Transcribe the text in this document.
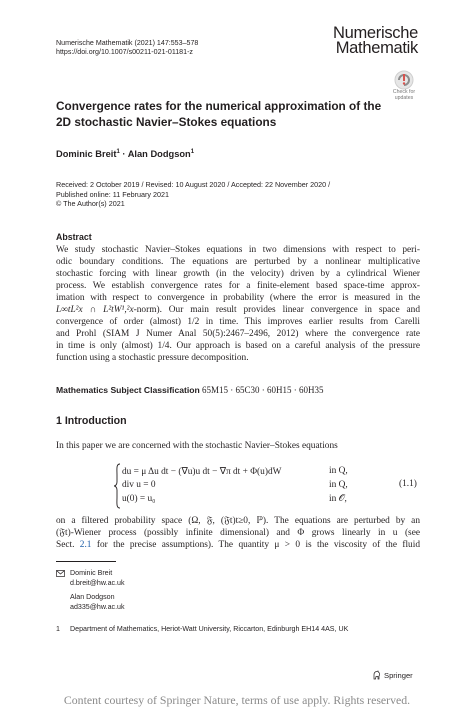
Numerische Mathematik (2021) 147:553–578
https://doi.org/10.1007/s00211-021-01181-z
Numerische
Mathematik
Check for
updates
Convergence rates for the numerical approximation of the
2D stochastic Navier–Stokes equations
Dominic Breit$^1$ · Alan Dodgson$^1$
Received: 2 October 2019 / Revised: 10 August 2020 / Accepted: 22 November 2020 /
Published online: 11 February 2021
© The Author(s) 2021
Abstract
We study stochastic Navier–Stokes equations in two dimensions with respect to peri-
odic boundary conditions. The equations are perturbed by a nonlinear multiplicative
stochastic forcing with linear growth (in the velocity) driven by a cylindrical Wiener
process. We establish convergence rates for a finite-element based space-time approx-
imation with respect to convergence in probability (where the error is measured in the
L∞tL²x ∩ L²tW¹,²x-norm). Our main result provides linear convergence in space and
convergence of order (almost) 1/2 in time. This improves earlier results from Carelli
and Prohl (SIAM J Numer Anal 50(5):2467–2496, 2012) where the convergence rate
in time is only (almost) 1/4. Our approach is based on a careful analysis of the pressure
function using a stochastic pressure decomposition.
Mathematics Subject Classification 65M15 · 65C30 · 60H15 · 60H35
1 Introduction
In this paper we are concerned with the stochastic Navier–Stokes equations
du = μ Δu dt − (∇u)u dt − ∇π dt + Φ(u)dW	in Q,
div u = 0	in Q,
u(0) = u₀	in 𝒪,
(1.1)
on a filtered probability space (Ω, 𝔉, (𝔉t)t≥0, ℙ). The equations are perturbed by an
(𝔉t)-Wiener process (possibly infinite dimensional) and Φ grows linearly in u (see
Sect. 2.1 for the precise assumptions). The quantity μ > 0 is the viscosity of the fluid
Dominic Breit
d.breit@hw.ac.uk
Alan Dodgson
ad335@hw.ac.uk
1 Department of Mathematics, Heriot-Watt University, Riccarton, Edinburgh EH14 4AS, UK
Springer
Content courtesy of Springer Nature, terms of use apply. Rights reserved.
